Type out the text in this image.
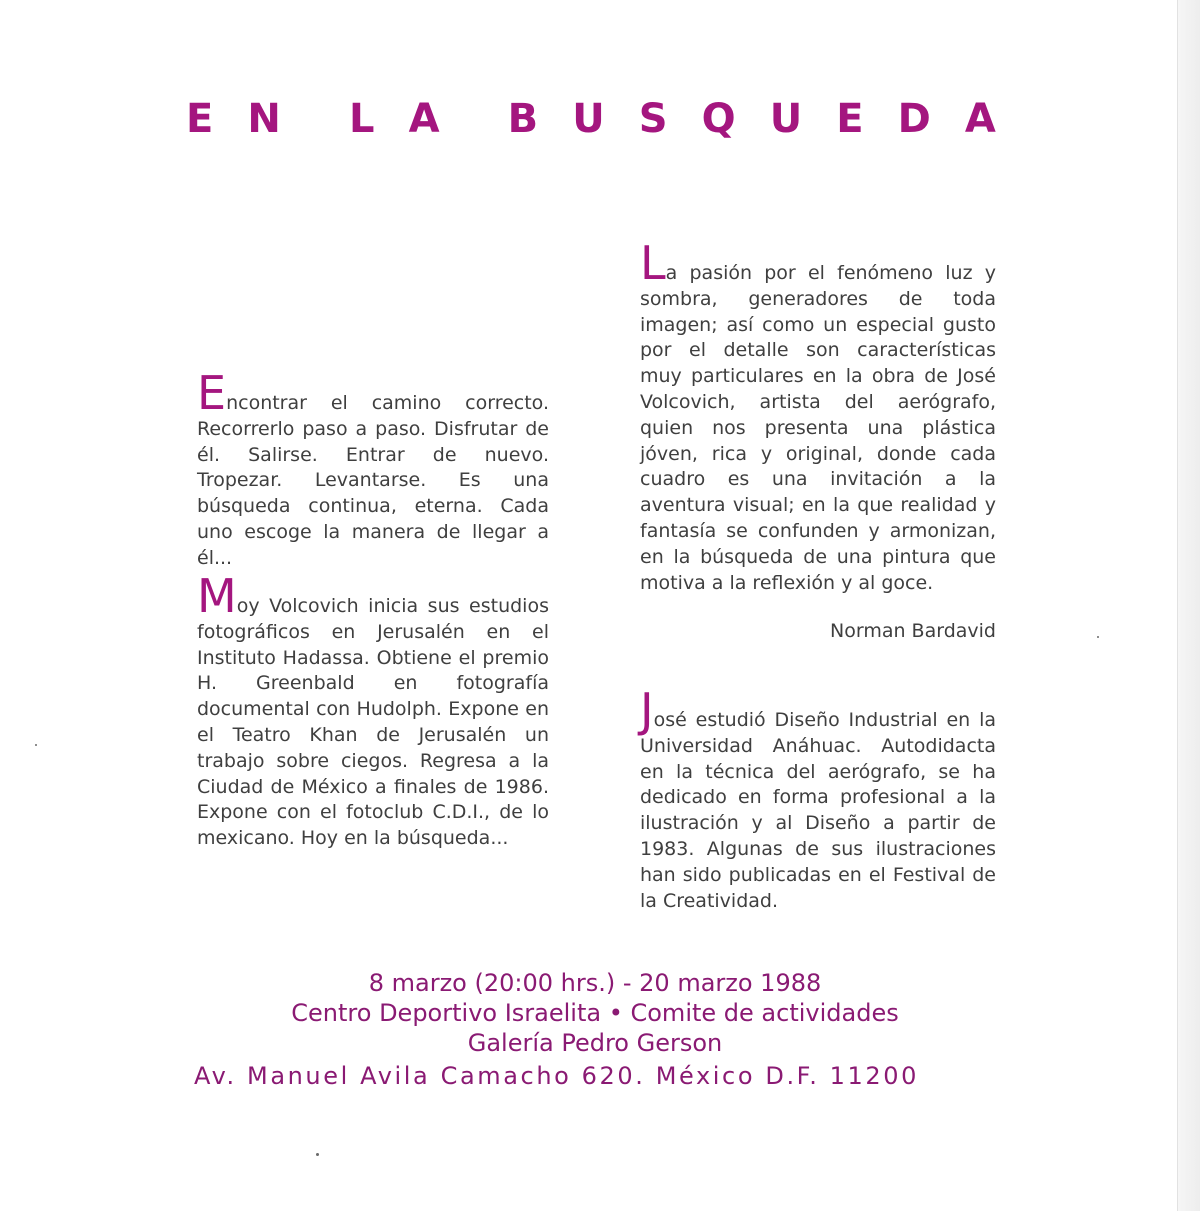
E N L A B U S Q U E D A

Encontrar el camino correcto. Recorrerlo paso a paso. Disfrutar de él. Salirse. Entrar de nuevo. Tropezar. Levantarse. Es una búsqueda continua, eterna. Cada uno escoge la manera de llegar a él...

Moy Volcovich inicia sus estudios fotográficos en Jerusalén en el Instituto Hadassa. Obtiene el premio H. Greenbald en fotografía documental con Hudolph. Expone en el Teatro Khan de Jerusalén un trabajo sobre ciegos. Regresa a la Ciudad de México a finales de 1986. Expone con el fotoclub C.D.I., de lo mexicano. Hoy en la búsqueda...

La pasión por el fenómeno luz y sombra, generadores de toda imagen; así como un especial gusto por el detalle son características muy particulares en la obra de José Volcovich, artista del aerógrafo, quien nos presenta una plástica jóven, rica y original, donde cada cuadro es una invitación a la aventura visual; en la que realidad y fantasía se confunden y armonizan, en la búsqueda de una pintura que motiva a la reflexión y al goce.

Norman Bardavid

José estudió Diseño Industrial en la Universidad Anáhuac. Autodidacta en la técnica del aerógrafo, se ha dedicado en forma profesional a la ilustración y al Diseño a partir de 1983. Algunas de sus ilustraciones han sido publicadas en el Festival de la Creatividad.

8 marzo (20:00 hrs.) - 20 marzo 1988
Centro Deportivo Israelita • Comite de actividades
Galería Pedro Gerson
Av. Manuel Avila Camacho 620. México D.F. 11200
